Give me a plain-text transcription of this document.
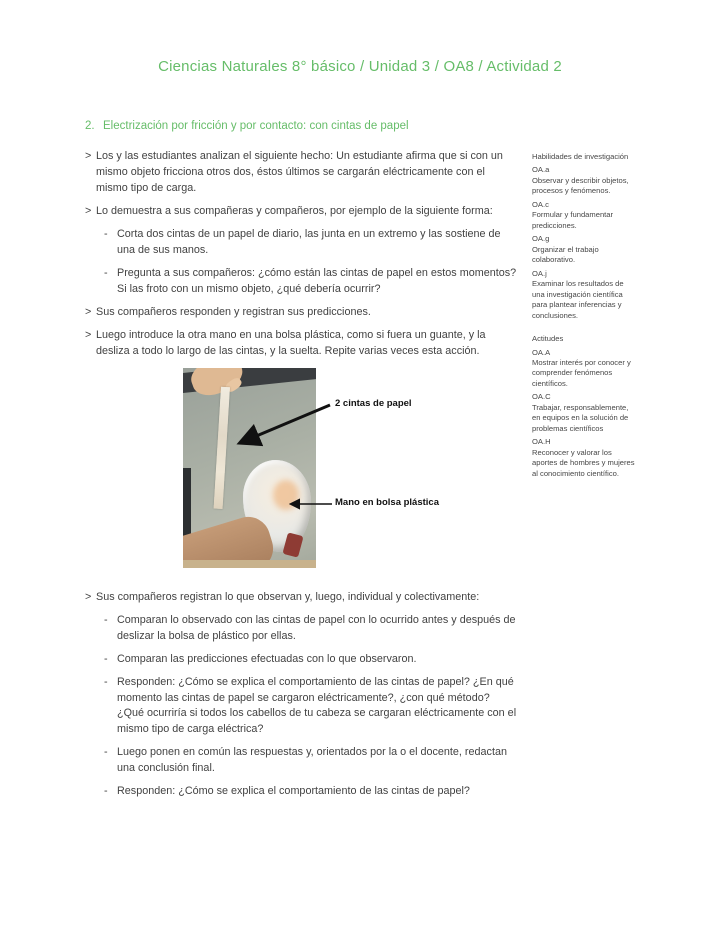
Ciencias Naturales 8° básico / Unidad 3 / OA8 / Actividad 2
2. Electrización por fricción y por contacto: con cintas de papel
> Los y las estudiantes analizan el siguiente hecho: Un estudiante afirma que si con un mismo objeto fricciona otros dos, éstos últimos se cargarán eléctricamente con el mismo tipo de carga.
> Lo demuestra a sus compañeras y compañeros, por ejemplo de la siguiente forma:
- Corta dos cintas de un papel de diario, las junta en un extremo y las sostiene de una de sus manos.
- Pregunta a sus compañeros: ¿cómo están las cintas de papel en estos momentos? Si las froto con un mismo objeto, ¿qué debería ocurrir?
> Sus compañeros responden y registran sus predicciones.
> Luego introduce la otra mano en una bolsa plástica, como si fuera un guante, y la desliza a todo lo largo de las cintas, y la suelta. Repite varias veces esta acción.
2 cintas de papel
Mano en bolsa plástica
> Sus compañeros registran lo que observan y, luego, individual y colectivamente:
- Comparan lo observado con las cintas de papel con lo ocurrido antes y después de deslizar la bolsa de plástico por ellas.
- Comparan las predicciones efectuadas con lo que observaron.
- Responden: ¿Cómo se explica el comportamiento de las cintas de papel? ¿En qué momento las cintas de papel se cargaron eléctricamente?, ¿con qué método? ¿Qué ocurriría si todos los cabellos de tu cabeza se cargaran eléctricamente con el mismo tipo de carga eléctrica?
- Luego ponen en común las respuestas y, orientados por la o el docente, redactan una conclusión final.
- Responden: ¿Cómo se explica el comportamiento de las cintas de papel?
Habilidades de investigación
OA.a
Observar y describir objetos, procesos y fenómenos.
OA.c
Formular y fundamentar predicciones.
OA.g
Organizar el trabajo colaborativo.
OA.j
Examinar los resultados de una investigación científica para plantear inferencias y conclusiones.
Actitudes
OA.A
Mostrar interés por conocer y comprender fenómenos científicos.
OA.C
Trabajar, responsablemente, en equipos en la solución de problemas científicos
OA.H
Reconocer y valorar los aportes de hombres y mujeres al conocimiento científico.
